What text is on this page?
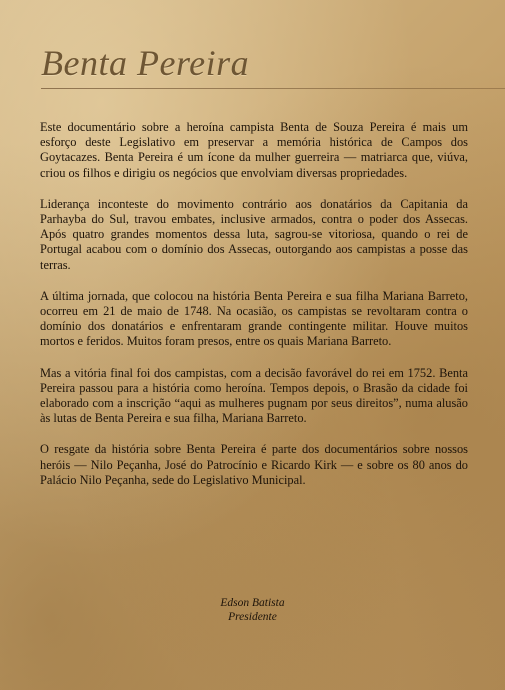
Benta Pereira

Este documentário sobre a heroína campista Benta de Souza Pereira é mais um esforço deste Legislativo em preservar a memória histórica de Campos dos Goytacazes. Benta Pereira é um ícone da mulher guerreira — matriarca que, viúva, criou os filhos e dirigiu os negócios que envolviam diversas propriedades.

Liderança inconteste do movimento contrário aos donatários da Capitania da Parhayba do Sul, travou embates, inclusive armados, contra o poder dos Assecas. Após quatro grandes momentos dessa luta, sagrou-se vitoriosa, quando o rei de Portugal acabou com o domínio dos Assecas, outorgando aos campistas a posse das terras.

A última jornada, que colocou na história Benta Pereira e sua filha Mariana Barreto, ocorreu em 21 de maio de 1748. Na ocasião, os campistas se revoltaram contra o domínio dos donatários e enfrentaram grande contingente militar. Houve muitos mortos e feridos. Muitos foram presos, entre os quais Mariana Barreto.

Mas a vitória final foi dos campistas, com a decisão favorável do rei em 1752. Benta Pereira passou para a história como heroína. Tempos depois, o Brasão da cidade foi elaborado com a inscrição “aqui as mulheres pugnam por seus direitos”, numa alusão às lutas de Benta Pereira e sua filha, Mariana Barreto.

O resgate da história sobre Benta Pereira é parte dos documentários sobre nossos heróis — Nilo Peçanha, José do Patrocínio e Ricardo Kirk — e sobre os 80 anos do Palácio Nilo Peçanha, sede do Legislativo Municipal.

Edson Batista
Presidente
